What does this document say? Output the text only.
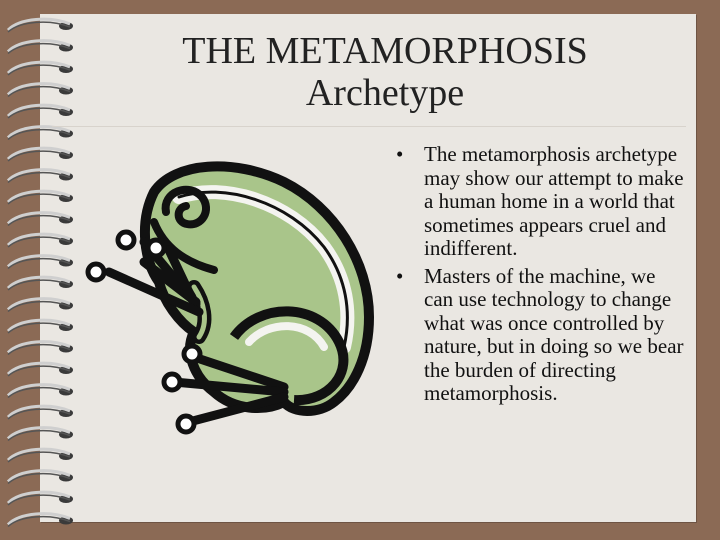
THE METAMORPHOSIS
Archetype
• The metamorphosis archetype may show our attempt to make a human home in a world that sometimes appears cruel and indifferent.
• Masters of the machine, we can use technology to change what was once controlled by nature, but in doing so we bear the burden of directing metamorphosis.
